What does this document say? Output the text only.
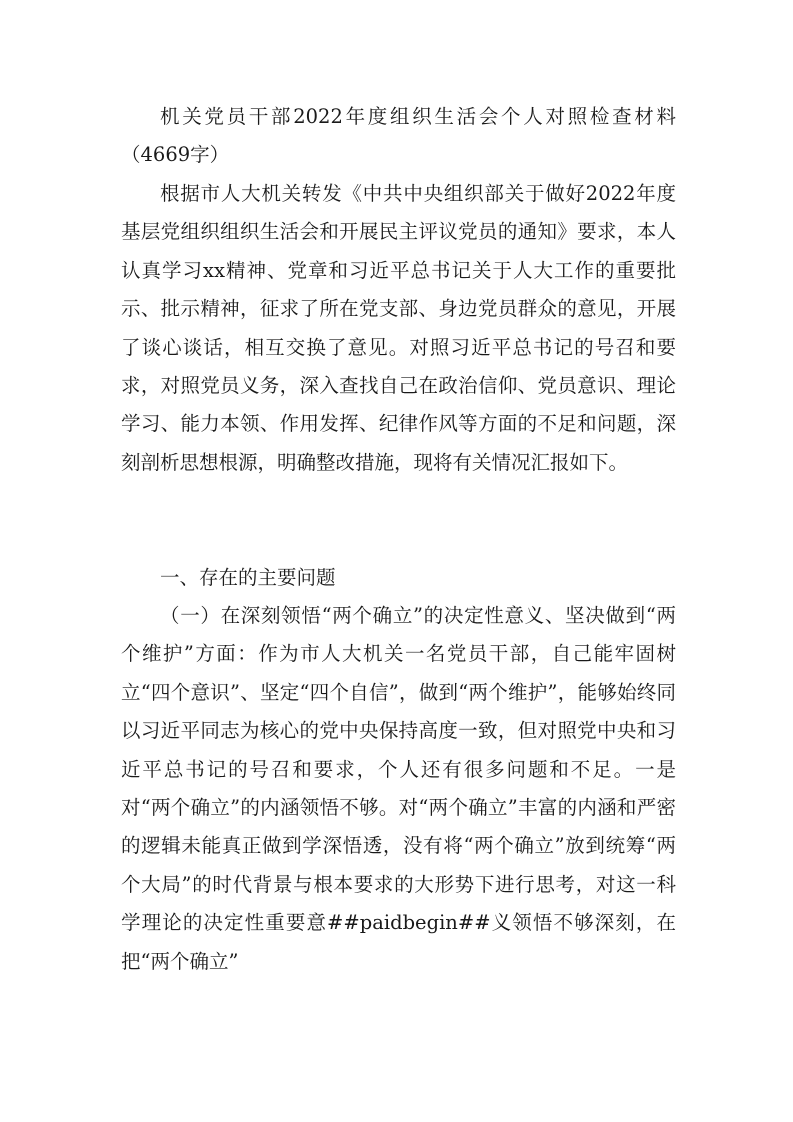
机关党员干部2022年度组织生活会个人对照检查材料（4669字）
根据市人大机关转发《中共中央组织部关于做好2022年度基层党组织组织生活会和开展民主评议党员的通知》要求，本人认真学习xx精神、党章和习近平总书记关于人大工作的重要批示、批示精神，征求了所在党支部、身边党员群众的意见，开展了谈心谈话，相互交换了意见。对照习近平总书记的号召和要求，对照党员义务，深入查找自己在政治信仰、党员意识、理论学习、能力本领、作用发挥、纪律作风等方面的不足和问题，深刻剖析思想根源，明确整改措施，现将有关情况汇报如下。
一、存在的主要问题
（一）在深刻领悟“两个确立”的决定性意义、坚决做到“两个维护”方面：作为市人大机关一名党员干部，自己能牢固树立“四个意识”、坚定“四个自信”，做到“两个维护”，能够始终同以习近平同志为核心的党中央保持高度一致，但对照党中央和习近平总书记的号召和要求，个人还有很多问题和不足。一是对“两个确立”的内涵领悟不够。对“两个确立”丰富的内涵和严密的逻辑未能真正做到学深悟透，没有将“两个确立”放到统筹“两个大局”的时代背景与根本要求的大形势下进行思考，对这一科学理论的决定性重要意##paidbegin##义领悟不够深刻，在把“两个确立”
